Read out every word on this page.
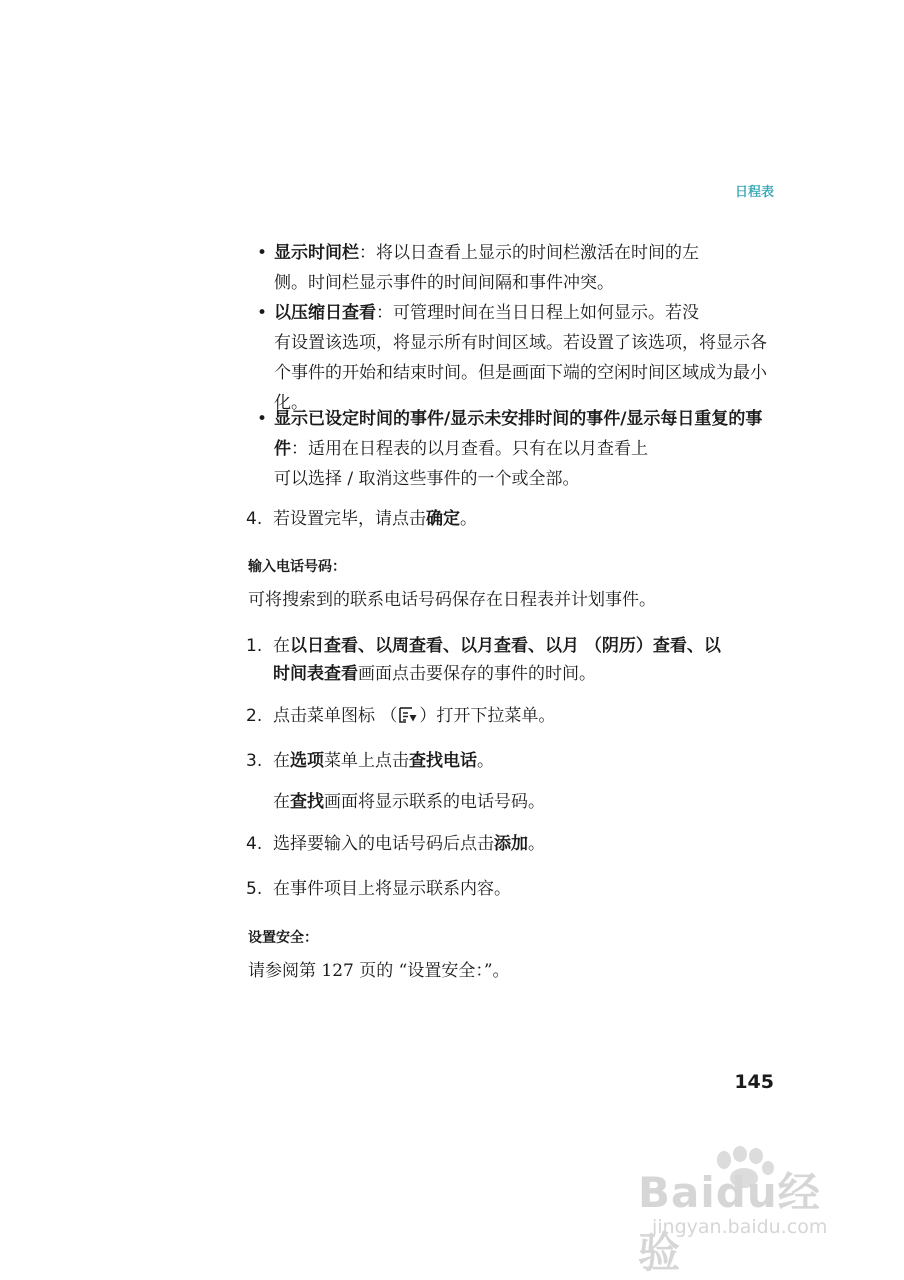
日程表
• 显示时间栏：将以日查看上显示的时间栏激活在时间的左
侧。时间栏显示事件的时间间隔和事件冲突。
• 以压缩日查看：可管理时间在当日日程上如何显示。若没
有设置该选项，将显示所有时间区域。若设置了该选项，将显示各个事件的开始和结束时间。但是画面下端的空闲时间区域成为最小化。
• 显示已设定时间的事件/显示未安排时间的事件/显示每日重复的事件：适用在日程表的以月查看。只有在以月查看上
可以选择 / 取消这些事件的一个或全部。
4. 若设置完毕，请点击确定。
输入电话号码：
可将搜索到的联系电话号码保存在日程表并计划事件。
1. 在以日查看、以周查看、以月查看、以月 （阴历）查看、以
时间表查看画面点击要保存的事件的时间。
2. 点击菜单图标 （ ）打开下拉菜单。
3. 在选项菜单上点击查找电话。
在查找画面将显示联系的电话号码。
4. 选择要输入的电话号码后点击添加。
5. 在事件项目上将显示联系内容。
设置安全：
请参阅第 127 页的 “设置安全：”。
145
Baidu经验
jingyan.baidu.com
